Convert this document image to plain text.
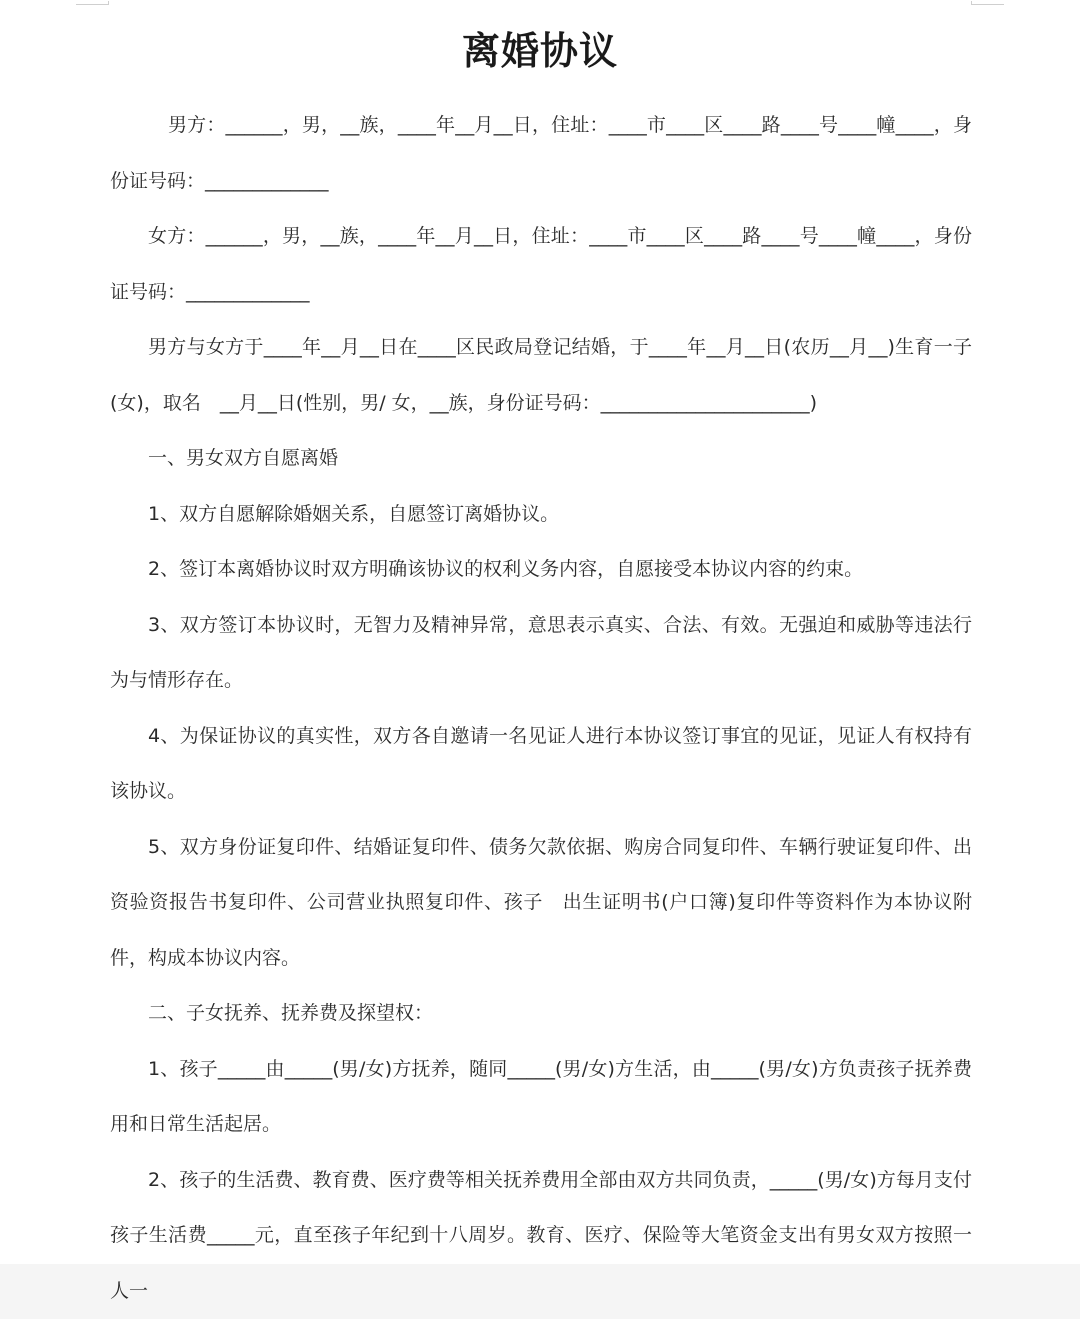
离婚协议

男方：______，男，__族，____年__月__日，住址：____市____区____路____号____幢____，身份证号码：_____________

女方：______，男，__族，____年__月__日，住址：____市____区____路____号____幢____，身份证号码：_____________

男方与女方于____年__月__日在____区民政局登记结婚，于____年__月__日(农历__月__)生育一子(女)，取名　__月__日(性别，男/ 女，__族，身份证号码：______________________)

一、男女双方自愿离婚

1、双方自愿解除婚姻关系，自愿签订离婚协议。

2、签订本离婚协议时双方明确该协议的权利义务内容，自愿接受本协议内容的约束。

3、双方签订本协议时，无智力及精神异常，意思表示真实、合法、有效。无强迫和威胁等违法行为与情形存在。

4、为保证协议的真实性，双方各自邀请一名见证人进行本协议签订事宜的见证，见证人有权持有该协议。

5、双方身份证复印件、结婚证复印件、债务欠款依据、购房合同复印件、车辆行驶证复印件、出资验资报告书复印件、公司营业执照复印件、孩子　出生证明书(户口簿)复印件等资料作为本协议附件，构成本协议内容。

二、子女抚养、抚养费及探望权：

1、孩子_____由_____(男/女)方抚养，随同_____(男/女)方生活，由_____(男/女)方负责孩子抚养费用和日常生活起居。

2、孩子的生活费、教育费、医疗费等相关抚养费用全部由双方共同负责，_____(男/女)方每月支付孩子生活费_____元，直至孩子年纪到十八周岁。教育、医疗、保险等大笔资金支出有男女双方按照一人一
